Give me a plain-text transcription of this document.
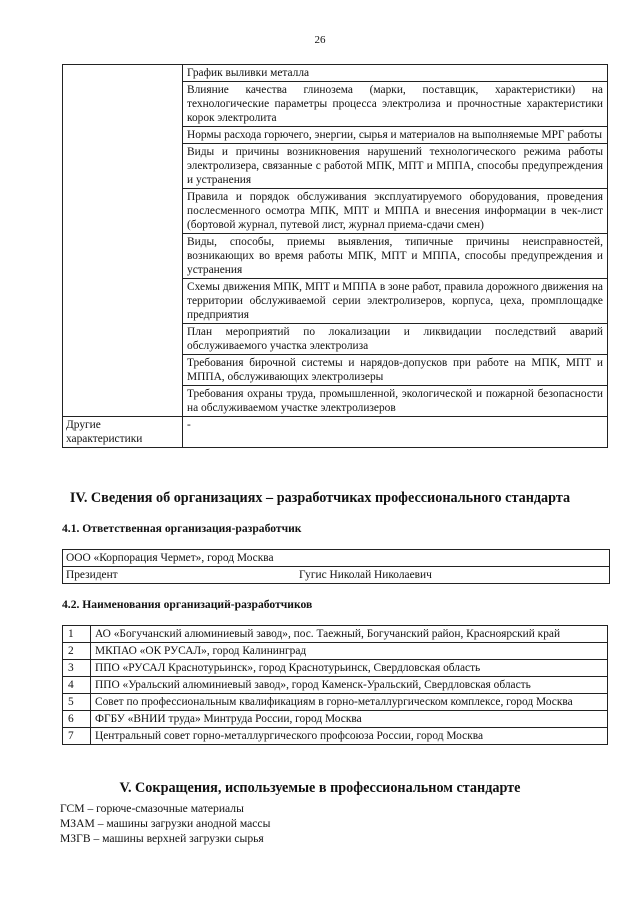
26
	График выливки металла
	Влияние качества глинозема (марки, поставщик, характеристики) на технологические параметры процесса электролиза и прочностные характеристики корок электролита
	Нормы расхода горючего, энергии, сырья и материалов на выполняемые МРГ работы
	Виды и причины возникновения нарушений технологического режима работы электролизера, связанные с работой МПК, МПТ и МППА, способы предупреждения и устранения
	Правила и порядок обслуживания эксплуатируемого оборудования, проведения послесменного осмотра МПК, МПТ и МППА и внесения информации в чек-лист (бортовой журнал, путевой лист, журнал приема-сдачи смен)
	Виды, способы, приемы выявления, типичные причины неисправностей, возникающих во время работы МПК, МПТ и МППА, способы предупреждения и устранения
	Схемы движения МПК, МПТ и МППА в зоне работ, правила дорожного движения на территории обслуживаемой серии электролизеров, корпуса, цеха, промплощадке предприятия
	План мероприятий по локализации и ликвидации последствий аварий обслуживаемого участка электролиза
	Требования бирочной системы и нарядов-допусков при работе на МПК, МПТ и МППА, обслуживающих электролизеры
	Требования охраны труда, промышленной, экологической и пожарной безопасности на обслуживаемом участке электролизеров
Другие характеристики	-
IV. Сведения об организациях – разработчиках профессионального стандарта
4.1. Ответственная организация-разработчик
ООО «Корпорация Чермет», город Москва
Президент	Гугис Николай Николаевич
4.2. Наименования организаций-разработчиков
1	АО «Богучанский алюминиевый завод», пос. Таежный, Богучанский район, Красноярский край
2	МКПАО «ОК РУСАЛ», город Калининград
3	ППО «РУСАЛ Краснотурьинск», город Краснотурьинск, Свердловская область
4	ППО «Уральский алюминиевый завод», город Каменск-Уральский, Свердловская область
5	Совет по профессиональным квалификациям в горно-металлургическом комплексе, город Москва
6	ФГБУ «ВНИИ труда» Минтруда России, город Москва
7	Центральный совет горно-металлургического профсоюза России, город Москва
V. Сокращения, используемые в профессиональном стандарте
ГСМ – горюче-смазочные материалы
МЗАМ – машины загрузки анодной массы
МЗГВ – машины верхней загрузки сырья
